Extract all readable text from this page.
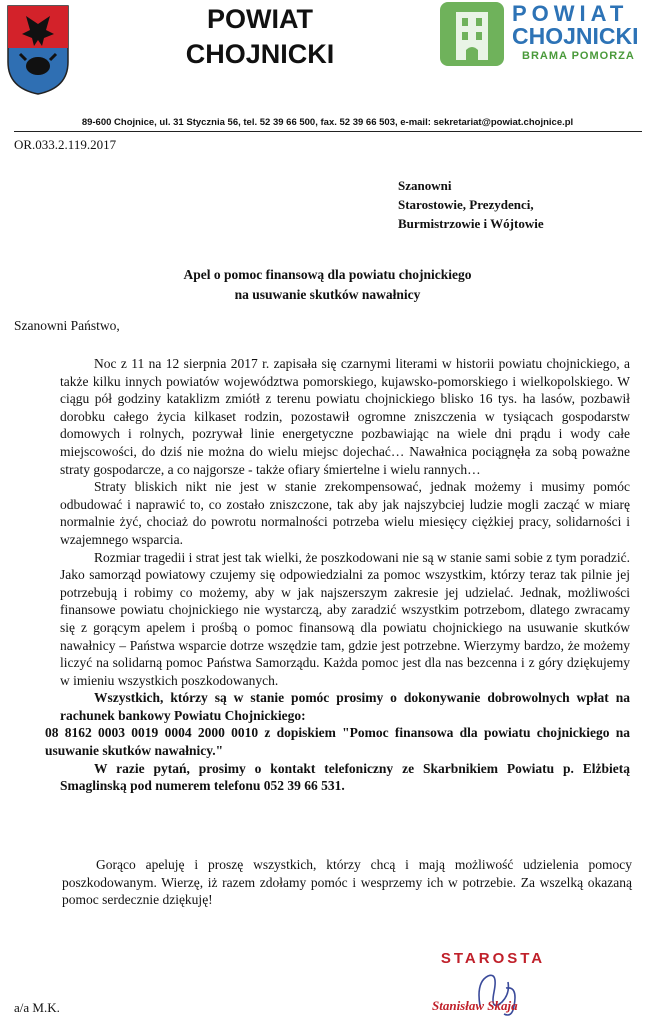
POWIAT
CHOJNICKI
POWIAT
CHOJNICKI
BRAMA POMORZA
89-600 Chojnice, ul. 31 Stycznia 56, tel. 52 39 66 500, fax. 52 39 66 503, e-mail: sekretariat@powiat.chojnice.pl
OR.033.2.119.2017
Szanowni
Starostowie, Prezydenci,
Burmistrzowie i Wójtowie
Apel o pomoc finansową dla powiatu chojnickiego
na usuwanie skutków nawałnicy
Szanowni Państwo,

Noc z 11 na 12 sierpnia 2017 r. zapisała się czarnymi literami w historii powiatu chojnickiego, a także kilku innych powiatów województwa pomorskiego, kujawsko-pomorskiego i wielkopolskiego. W ciągu pół godziny kataklizm zmiótł z terenu powiatu chojnickiego blisko 16 tys. ha lasów, pozbawił dorobku całego życia kilkaset rodzin, pozostawił ogromne zniszczenia w tysiącach gospodarstw domowych i rolnych, pozrywał linie energetyczne pozbawiając na wiele dni prądu i wody całe miejscowości, do dziś nie można do wielu miejsc dojechać… Nawałnica pociągnęła za sobą poważne straty gospodarcze, a co najgorsze - także ofiary śmiertelne i wielu rannych…

Straty bliskich nikt nie jest w stanie zrekompensować, jednak możemy i musimy pomóc odbudować i naprawić to, co zostało zniszczone, tak aby jak najszybciej ludzie mogli zacząć w miarę normalnie żyć, chociaż do powrotu normalności potrzeba wielu miesięcy ciężkiej pracy, solidarności i wzajemnego wsparcia.

Rozmiar tragedii i strat jest tak wielki, że poszkodowani nie są w stanie sami sobie z tym poradzić. Jako samorząd powiatowy czujemy się odpowiedzialni za pomoc wszystkim, którzy teraz tak pilnie jej potrzebują i robimy co możemy, aby w jak najszerszym zakresie jej udzielać. Jednak, możliwości finansowe powiatu chojnickiego nie wystarczą, aby zaradzić wszystkim potrzebom, dlatego zwracamy się z gorącym apelem i prośbą o pomoc finansową dla powiatu chojnickiego na usuwanie skutków nawałnicy – Państwa wsparcie dotrze wszędzie tam, gdzie jest potrzebne. Wierzymy bardzo, że możemy liczyć na solidarną pomoc Państwa Samorządu. Każda pomoc jest dla nas bezcenna i z góry dziękujemy w imieniu wszystkich poszkodowanych.

Wszystkich, którzy są w stanie pomóc prosimy o dokonywanie dobrowolnych wpłat na rachunek bankowy Powiatu Chojnickiego:

08 8162 0003 0019 0004 2000 0010 z dopiskiem "Pomoc finansowa dla powiatu chojnickiego na usuwanie skutków nawałnicy."

W razie pytań, prosimy o kontakt telefoniczny ze Skarbnikiem Powiatu p. Elżbietą Smaglinską pod numerem telefonu 052 39 66 531.

Gorąco apeluję i proszę wszystkich, którzy chcą i mają możliwość udzielenia pomocy poszkodowanym. Wierzę, iż razem zdołamy pomóc i wesprzemy ich w potrzebie. Za wszelką okazaną pomoc serdecznie dziękuję!
STAROSTA
Stanisław Skaja
a/a M.K.
